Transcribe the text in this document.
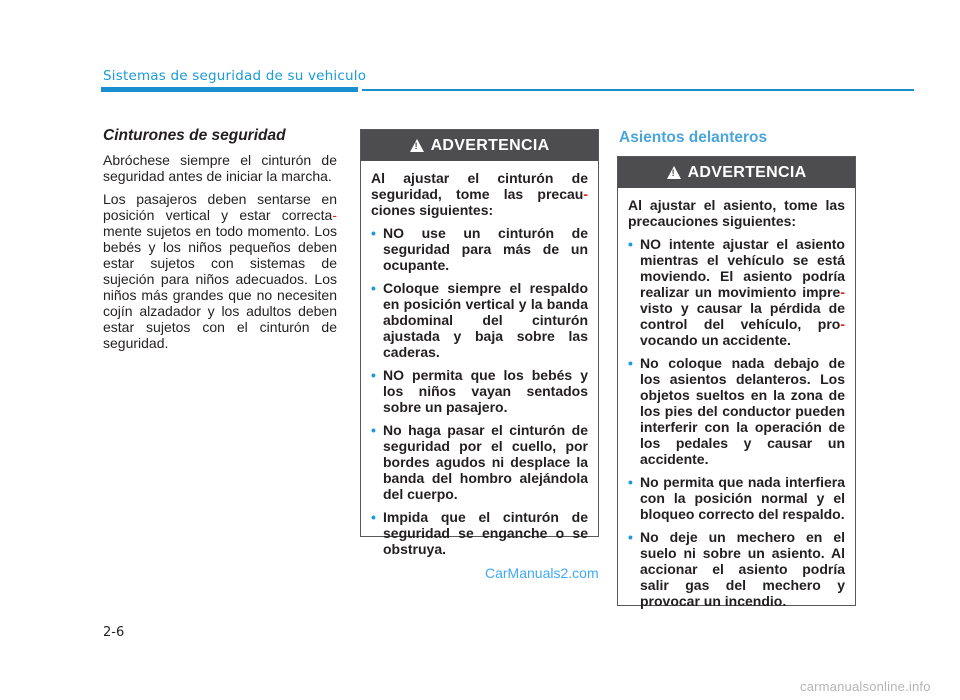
Sistemas de seguridad de su vehiculo
Cinturones de seguridad

Abróchese siempre el cinturón de seguridad antes de iniciar la marcha.

Los pasajeros deben sentarse en posición vertical y estar correcta- mente sujetos en todo momento. Los bebés y los niños pequeños deben estar sujetos con sistemas de sujeción para niños adecuados. Los niños más grandes que no necesiten cojín alzadador y los adultos deben estar sujetos con el cinturón de seguridad.

! ADVERTENCIA

Al ajustar el cinturón de seguridad, tome las precau- ciones siguientes:

• NO use un cinturón de seguridad para más de un ocupante.
• Coloque siempre el respaldo en posición vertical y la banda abdominal del cinturón ajustada y baja sobre las caderas.
• NO permita que los bebés y los niños vayan sentados sobre un pasajero.
• No haga pasar el cinturón de seguridad por el cuello, por bordes agudos ni desplace la banda del hombro alejándola del cuerpo.
• Impida que el cinturón de seguridad se enganche o se obstruya.
Asientos delanteros
! ADVERTENCIA

Al ajustar el asiento, tome las precauciones siguientes:

• NO intente ajustar el asiento mientras el vehículo se está moviendo. El asiento podría realizar un movimiento impre- visto y causar la pérdida de control del vehículo, pro- vocando un accidente.
• No coloque nada debajo de los asientos delanteros. Los objetos sueltos en la zona de los pies del conductor pueden interferir con la operación de los pedales y causar un accidente.
• No permita que nada interfiera con la posición normal y el bloqueo correcto del respaldo.
• No deje un mechero en el suelo ni sobre un asiento. Al accionar el asiento podría salir gas del mechero y provocar un incendio.
2-6
CarManuals2.com
carmanualsonline.info
